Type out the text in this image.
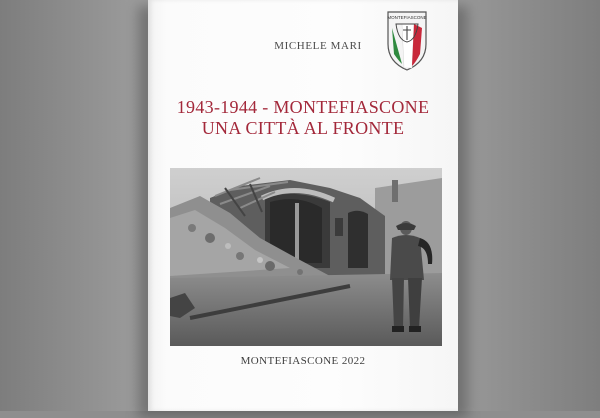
MICHELE MARI
MONTEFIASCONE
1943-1944 - MONTEFIASCONE
UNA CITTÀ AL FRONTE
MONTEFIASCONE 2022
